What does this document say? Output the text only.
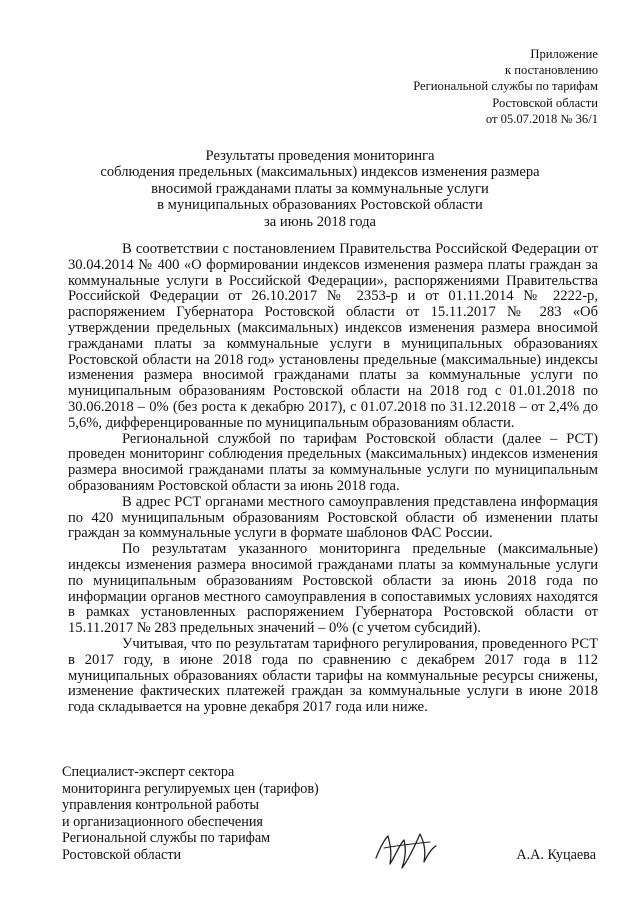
Приложение
к постановлению
Региональной службы по тарифам
Ростовской области
от 05.07.2018 № 36/1
Результаты проведения мониторинга
соблюдения предельных (максимальных) индексов изменения размера
вносимой гражданами платы за коммунальные услуги
в муниципальных образованиях Ростовской области
за июнь 2018 года

В соответствии с постановлением Правительства Российской Федерации от 30.04.2014 № 400 «О формировании индексов изменения размера платы граждан за коммунальные услуги в Российской Федерации», распоряжениями Правительства Российской Федерации от 26.10.2017 № 2353-р и от 01.11.2014 № 2222-р, распоряжением Губернатора Ростовской области от 15.11.2017 № 283 «Об утверждении предельных (максимальных) индексов изменения размера вносимой гражданами платы за коммунальные услуги в муниципальных образованиях Ростовской области на 2018 год» установлены предельные (максимальные) индексы изменения размера вносимой гражданами платы за коммунальные услуги по муниципальным образованиям Ростовской области на 2018 год с 01.01.2018 по 30.06.2018 – 0% (без роста к декабрю 2017), с 01.07.2018 по 31.12.2018 – от 2,4% до 5,6%, дифференцированные по муниципальным образованиям области.

Региональной службой по тарифам Ростовской области (далее – РСТ) проведен мониторинг соблюдения предельных (максимальных) индексов изменения размера вносимой гражданами платы за коммунальные услуги по муниципальным образованиям Ростовской области за июнь 2018 года.

В адрес РСТ органами местного самоуправления представлена информация по 420 муниципальным образованиям Ростовской области об изменении платы граждан за коммунальные услуги в формате шаблонов ФАС России.

По результатам указанного мониторинга предельные (максимальные) индексы изменения размера вносимой гражданами платы за коммунальные услуги по муниципальным образованиям Ростовской области за июнь 2018 года по информации органов местного самоуправления в сопоставимых условиях находятся в рамках установленных распоряжением Губернатора Ростовской области от 15.11.2017 № 283 предельных значений – 0% (с учетом субсидий).

Учитывая, что по результатам тарифного регулирования, проведенного РСТ в 2017 году, в июне 2018 года по сравнению с декабрем 2017 года в 112 муниципальных образованиях области тарифы на коммунальные ресурсы снижены, изменение фактических платежей граждан за коммунальные услуги в июне 2018 года складывается на уровне декабря 2017 года или ниже.

Специалист-эксперт сектора
мониторинга регулируемых цен (тарифов)
управления контрольной работы
и организационного обеспечения
Региональной службы по тарифам
Ростовской области	А.А. Куцаева
